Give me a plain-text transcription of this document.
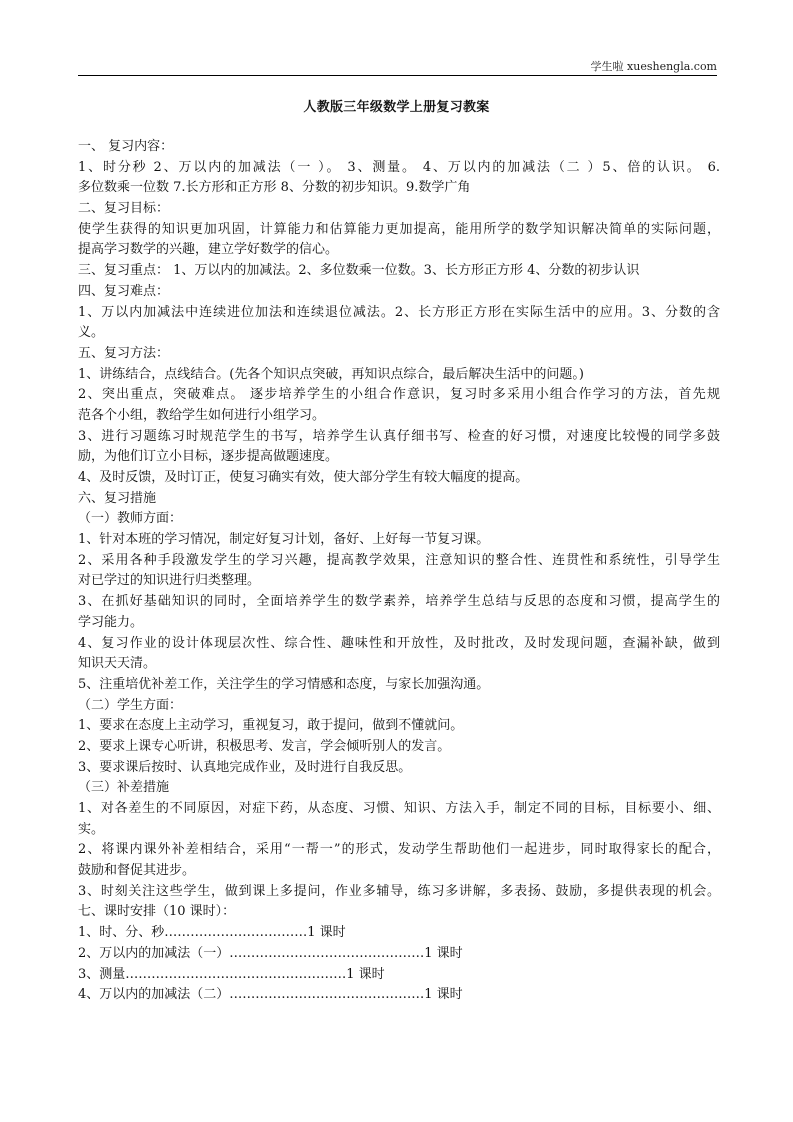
学生啦 xueshengla.com
人教版三年级数学上册复习教案
一、 复习内容：
1、时分秒 2、万以内的加减法（一 ）。 3、测量。 4、万以内的加减法（二 ）5、倍的认识。 6.
多位数乘一位数 7.长方形和正方形 8、分数的初步知识。9.数学广角
二、复习目标：
使学生获得的知识更加巩固，计算能力和估算能力更加提高，能用所学的数学知识解决简单的实际问题，
提高学习数学的兴趣，建立学好数学的信心。
三、复习重点： 1、万以内的加减法。2、多位数乘一位数。3、长方形正方形 4、分数的初步认识
四、复习难点：
1、万以内加减法中连续进位加法和连续退位减法。2、长方形正方形在实际生活中的应用。3、分数的含
义。
五、复习方法：
1、讲练结合，点线结合。(先各个知识点突破，再知识点综合，最后解决生活中的问题。)
2、突出重点，突破难点。 逐步培养学生的小组合作意识，复习时多采用小组合作学习的方法，首先规
范各个小组，教给学生如何进行小组学习。
3、进行习题练习时规范学生的书写，培养学生认真仔细书写、检查的好习惯，对速度比较慢的同学多鼓
励，为他们订立小目标，逐步提高做题速度。
4、及时反馈，及时订正，使复习确实有效，使大部分学生有较大幅度的提高。
六、复习措施
（一）教师方面：
1、针对本班的学习情况，制定好复习计划，备好、上好每一节复习课。
2、采用各种手段激发学生的学习兴趣，提高教学效果，注意知识的整合性、连贯性和系统性，引导学生
对已学过的知识进行归类整理。
3、在抓好基础知识的同时，全面培养学生的数学素养，培养学生总结与反思的态度和习惯，提高学生的
学习能力。
4、复习作业的设计体现层次性、综合性、趣味性和开放性，及时批改，及时发现问题，查漏补缺，做到
知识天天清。
5、注重培优补差工作，关注学生的学习情感和态度，与家长加强沟通。
（二）学生方面：
1、要求在态度上主动学习，重视复习，敢于提问，做到不懂就问。
2、要求上课专心听讲，积极思考、发言，学会倾听别人的发言。
3、要求课后按时、认真地完成作业，及时进行自我反思。
（三）补差措施
1、对各差生的不同原因，对症下药，从态度、习惯、知识、方法入手，制定不同的目标，目标要小、细、
实。
2、将课内课外补差相结合，采用“一帮一”的形式，发动学生帮助他们一起进步，同时取得家长的配合，
鼓励和督促其进步。
3、时刻关注这些学生，做到课上多提问，作业多辅导，练习多讲解，多表扬、鼓励，多提供表现的机会。
七、课时安排（10 课时）：
1、时、分、秒……………………………1 课时
2、万以内的加减法（一）………………………………………1 课时
3、测量……………………………………………1 课时
4、万以内的加减法（二）………………………………………1 课时
